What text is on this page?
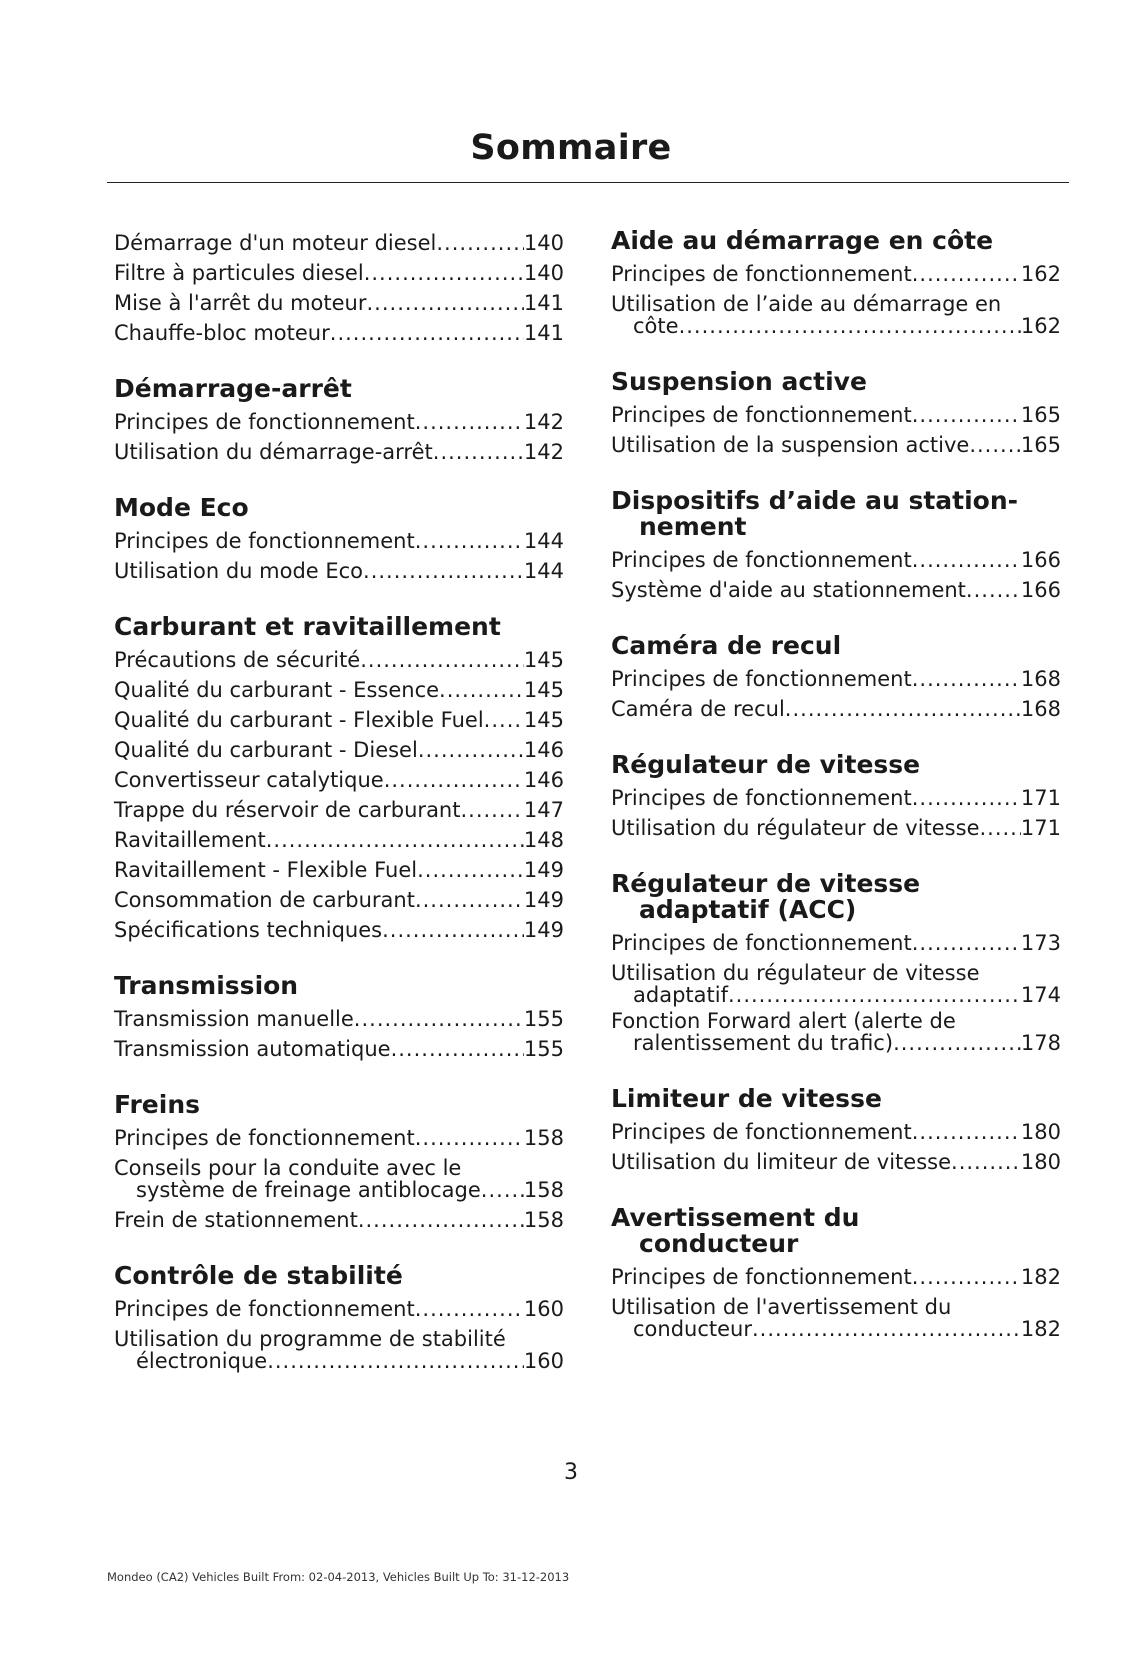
Sommaire
Démarrage d'un moteur diesel .....	140
Filtre à particules diesel .....	140
Mise à l'arrêt du moteur .....	141
Chauffe-bloc moteur .....	141
Démarrage-arrêt
Principes de fonctionnement .....	142
Utilisation du démarrage-arrêt .....	142
Mode Eco
Principes de fonctionnement .....	144
Utilisation du mode Eco .....	144
Carburant et ravitaillement
Précautions de sécurité .....	145
Qualité du carburant - Essence .....	145
Qualité du carburant - Flexible Fuel ..... 145
Qualité du carburant - Diesel .....	146
Convertisseur catalytique .....	146
Trappe du réservoir de carburant .....	147
Ravitaillement .....	148
Ravitaillement - Flexible Fuel .....	149
Consommation de carburant .....	149
Spécifications techniques .....	149
Transmission
Transmission manuelle .....	155
Transmission automatique .....	155
Freins
Principes de fonctionnement .....	158
Conseils pour la conduite avec le
système de freinage antiblocage ..... 158
Frein de stationnement .....	158
Contrôle de stabilité
Principes de fonctionnement .....	160
Utilisation du programme de stabilité
électronique .....	160
Aide au démarrage en côte
Principes de fonctionnement .....	162
Utilisation de l’aide au démarrage en
côte .....	162
Suspension active
Principes de fonctionnement .....	165
Utilisation de la suspension active ..... 165
Dispositifs d’aide au station-
nement
Principes de fonctionnement .....	166
Système d'aide au stationnement .....	166
Caméra de recul
Principes de fonctionnement .....	168
Caméra de recul .....	168
Régulateur de vitesse
Principes de fonctionnement .....	171
Utilisation du régulateur de vitesse ..... 171
Régulateur de vitesse
adaptatif (ACC)
Principes de fonctionnement .....	173
Utilisation du régulateur de vitesse
adaptatif .....	174
Fonction Forward alert (alerte de
ralentissement du trafic) .....	178
Limiteur de vitesse
Principes de fonctionnement .....	180
Utilisation du limiteur de vitesse .....	180
Avertissement du
conducteur
Principes de fonctionnement .....	182
Utilisation de l'avertissement du
conducteur .....	182
3
Mondeo (CA2) Vehicles Built From: 02-04-2013, Vehicles Built Up To: 31-12-2013
